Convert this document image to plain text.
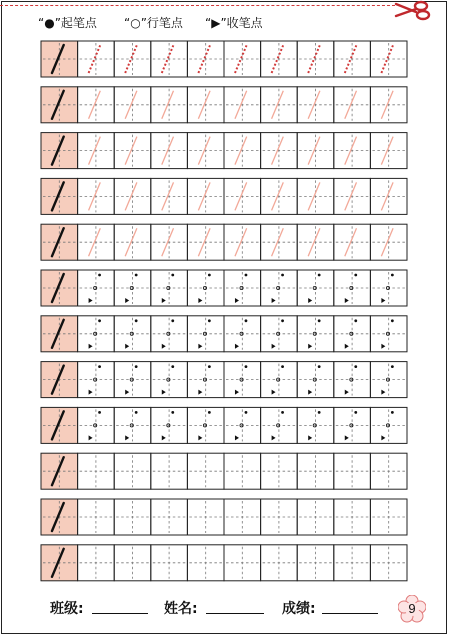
“●”起笔点 “○”行笔点 “▶”收笔点
班级:	姓名:	成绩:	9
